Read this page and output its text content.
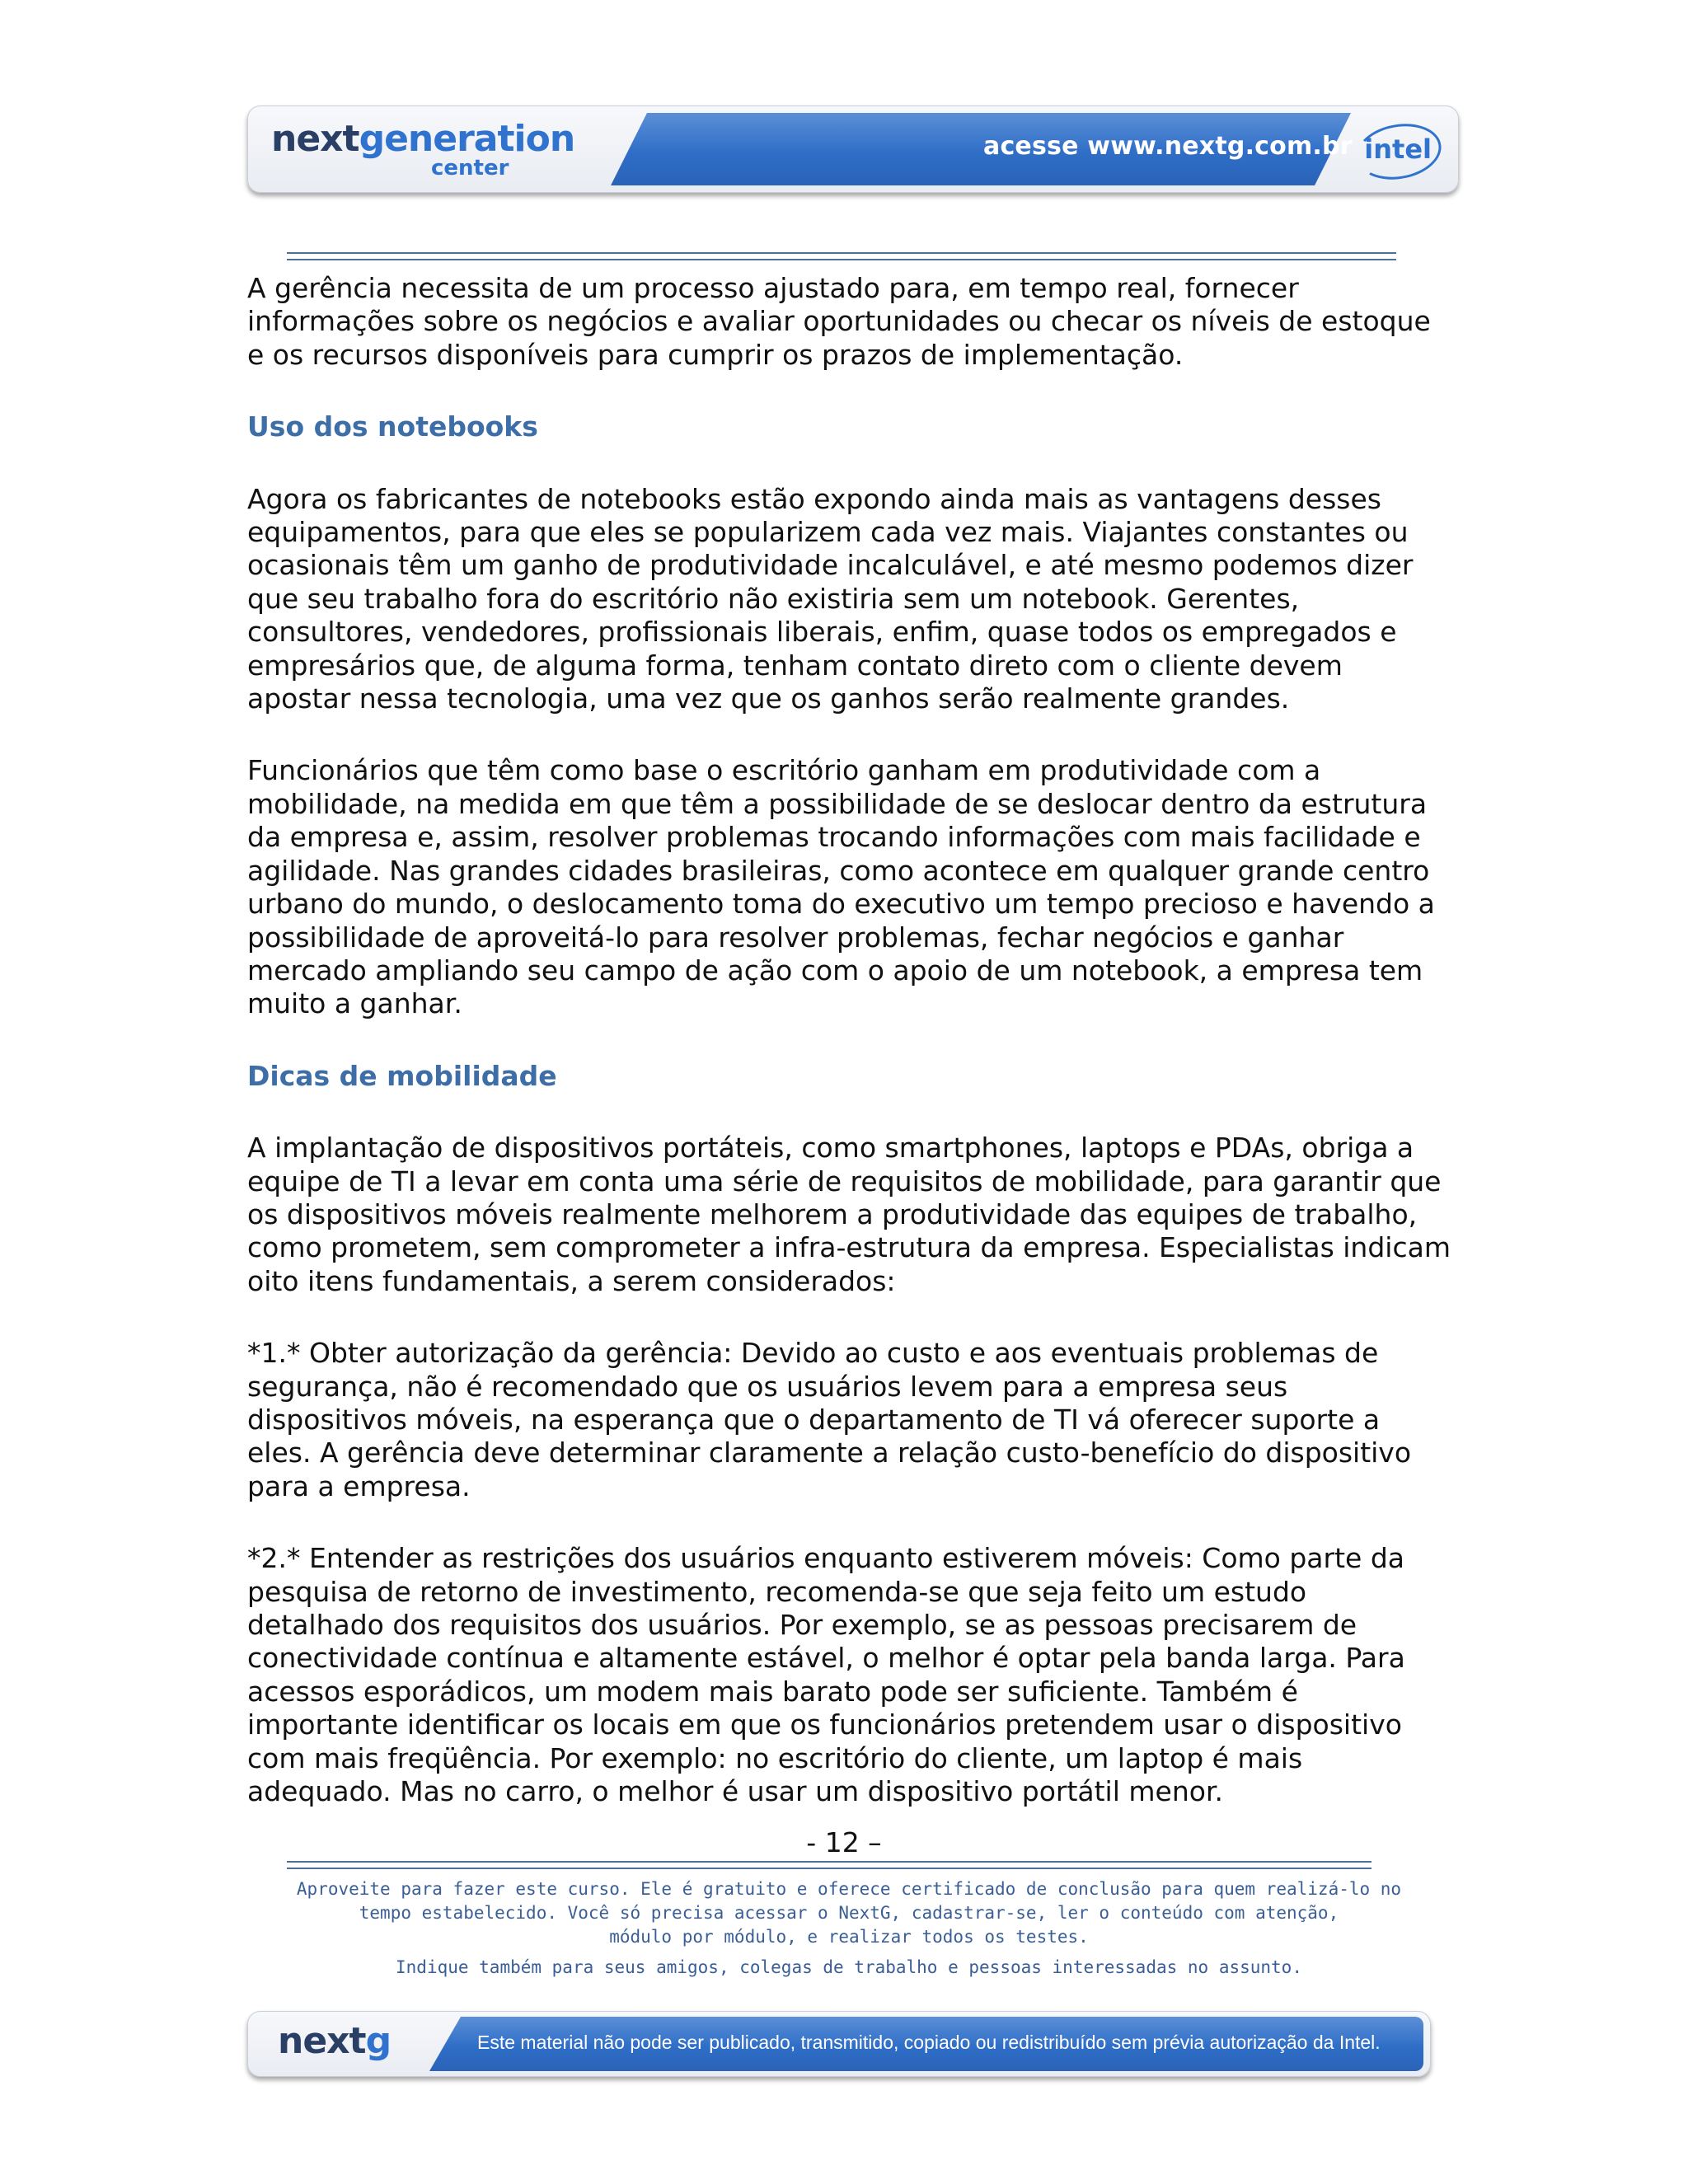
nextgeneration
center
acesse www.nextg.com.br intel

A gerência necessita de um processo ajustado para, em tempo real, fornecer informações sobre os negócios e avaliar oportunidades ou checar os níveis de estoque e os recursos disponíveis para cumprir os prazos de implementação.

Uso dos notebooks

Agora os fabricantes de notebooks estão expondo ainda mais as vantagens desses equipamentos, para que eles se popularizem cada vez mais. Viajantes constantes ou ocasionais têm um ganho de produtividade incalculável, e até mesmo podemos dizer que seu trabalho fora do escritório não existiria sem um notebook. Gerentes, consultores, vendedores, profissionais liberais, enfim, quase todos os empregados e empresários que, de alguma forma, tenham contato direto com o cliente devem apostar nessa tecnologia, uma vez que os ganhos serão realmente grandes.

Funcionários que têm como base o escritório ganham em produtividade com a mobilidade, na medida em que têm a possibilidade de se deslocar dentro da estrutura da empresa e, assim, resolver problemas trocando informações com mais facilidade e agilidade. Nas grandes cidades brasileiras, como acontece em qualquer grande centro urbano do mundo, o deslocamento toma do executivo um tempo precioso e havendo a possibilidade de aproveitá-lo para resolver problemas, fechar negócios e ganhar mercado ampliando seu campo de ação com o apoio de um notebook, a empresa tem muito a ganhar.

Dicas de mobilidade

A implantação de dispositivos portáteis, como smartphones, laptops e PDAs, obriga a equipe de TI a levar em conta uma série de requisitos de mobilidade, para garantir que os dispositivos móveis realmente melhorem a produtividade das equipes de trabalho, como prometem, sem comprometer a infra-estrutura da empresa. Especialistas indicam oito itens fundamentais, a serem considerados:

*1.* Obter autorização da gerência: Devido ao custo e aos eventuais problemas de segurança, não é recomendado que os usuários levem para a empresa seus dispositivos móveis, na esperança que o departamento de TI vá oferecer suporte a eles. A gerência deve determinar claramente a relação custo-benefício do dispositivo para a empresa.

*2.* Entender as restrições dos usuários enquanto estiverem móveis: Como parte da pesquisa de retorno de investimento, recomenda-se que seja feito um estudo detalhado dos requisitos dos usuários. Por exemplo, se as pessoas precisarem de conectividade contínua e altamente estável, o melhor é optar pela banda larga. Para acessos esporádicos, um modem mais barato pode ser suficiente. Também é importante identificar os locais em que os funcionários pretendem usar o dispositivo com mais freqüência. Por exemplo: no escritório do cliente, um laptop é mais adequado. Mas no carro, o melhor é usar um dispositivo portátil menor.

- 12 –

Aproveite para fazer este curso. Ele é gratuito e oferece certificado de conclusão para quem realizá-lo no

tempo estabelecido. Você só precisa acessar o NextG, cadastrar-se, ler o conteúdo com atenção,

módulo por módulo, e realizar todos os testes.

Indique também para seus amigos, colegas de trabalho e pessoas interessadas no assunto.

nextg	Este material não pode ser publicado, transmitido, copiado ou redistribuído sem prévia autorização da Intel.
